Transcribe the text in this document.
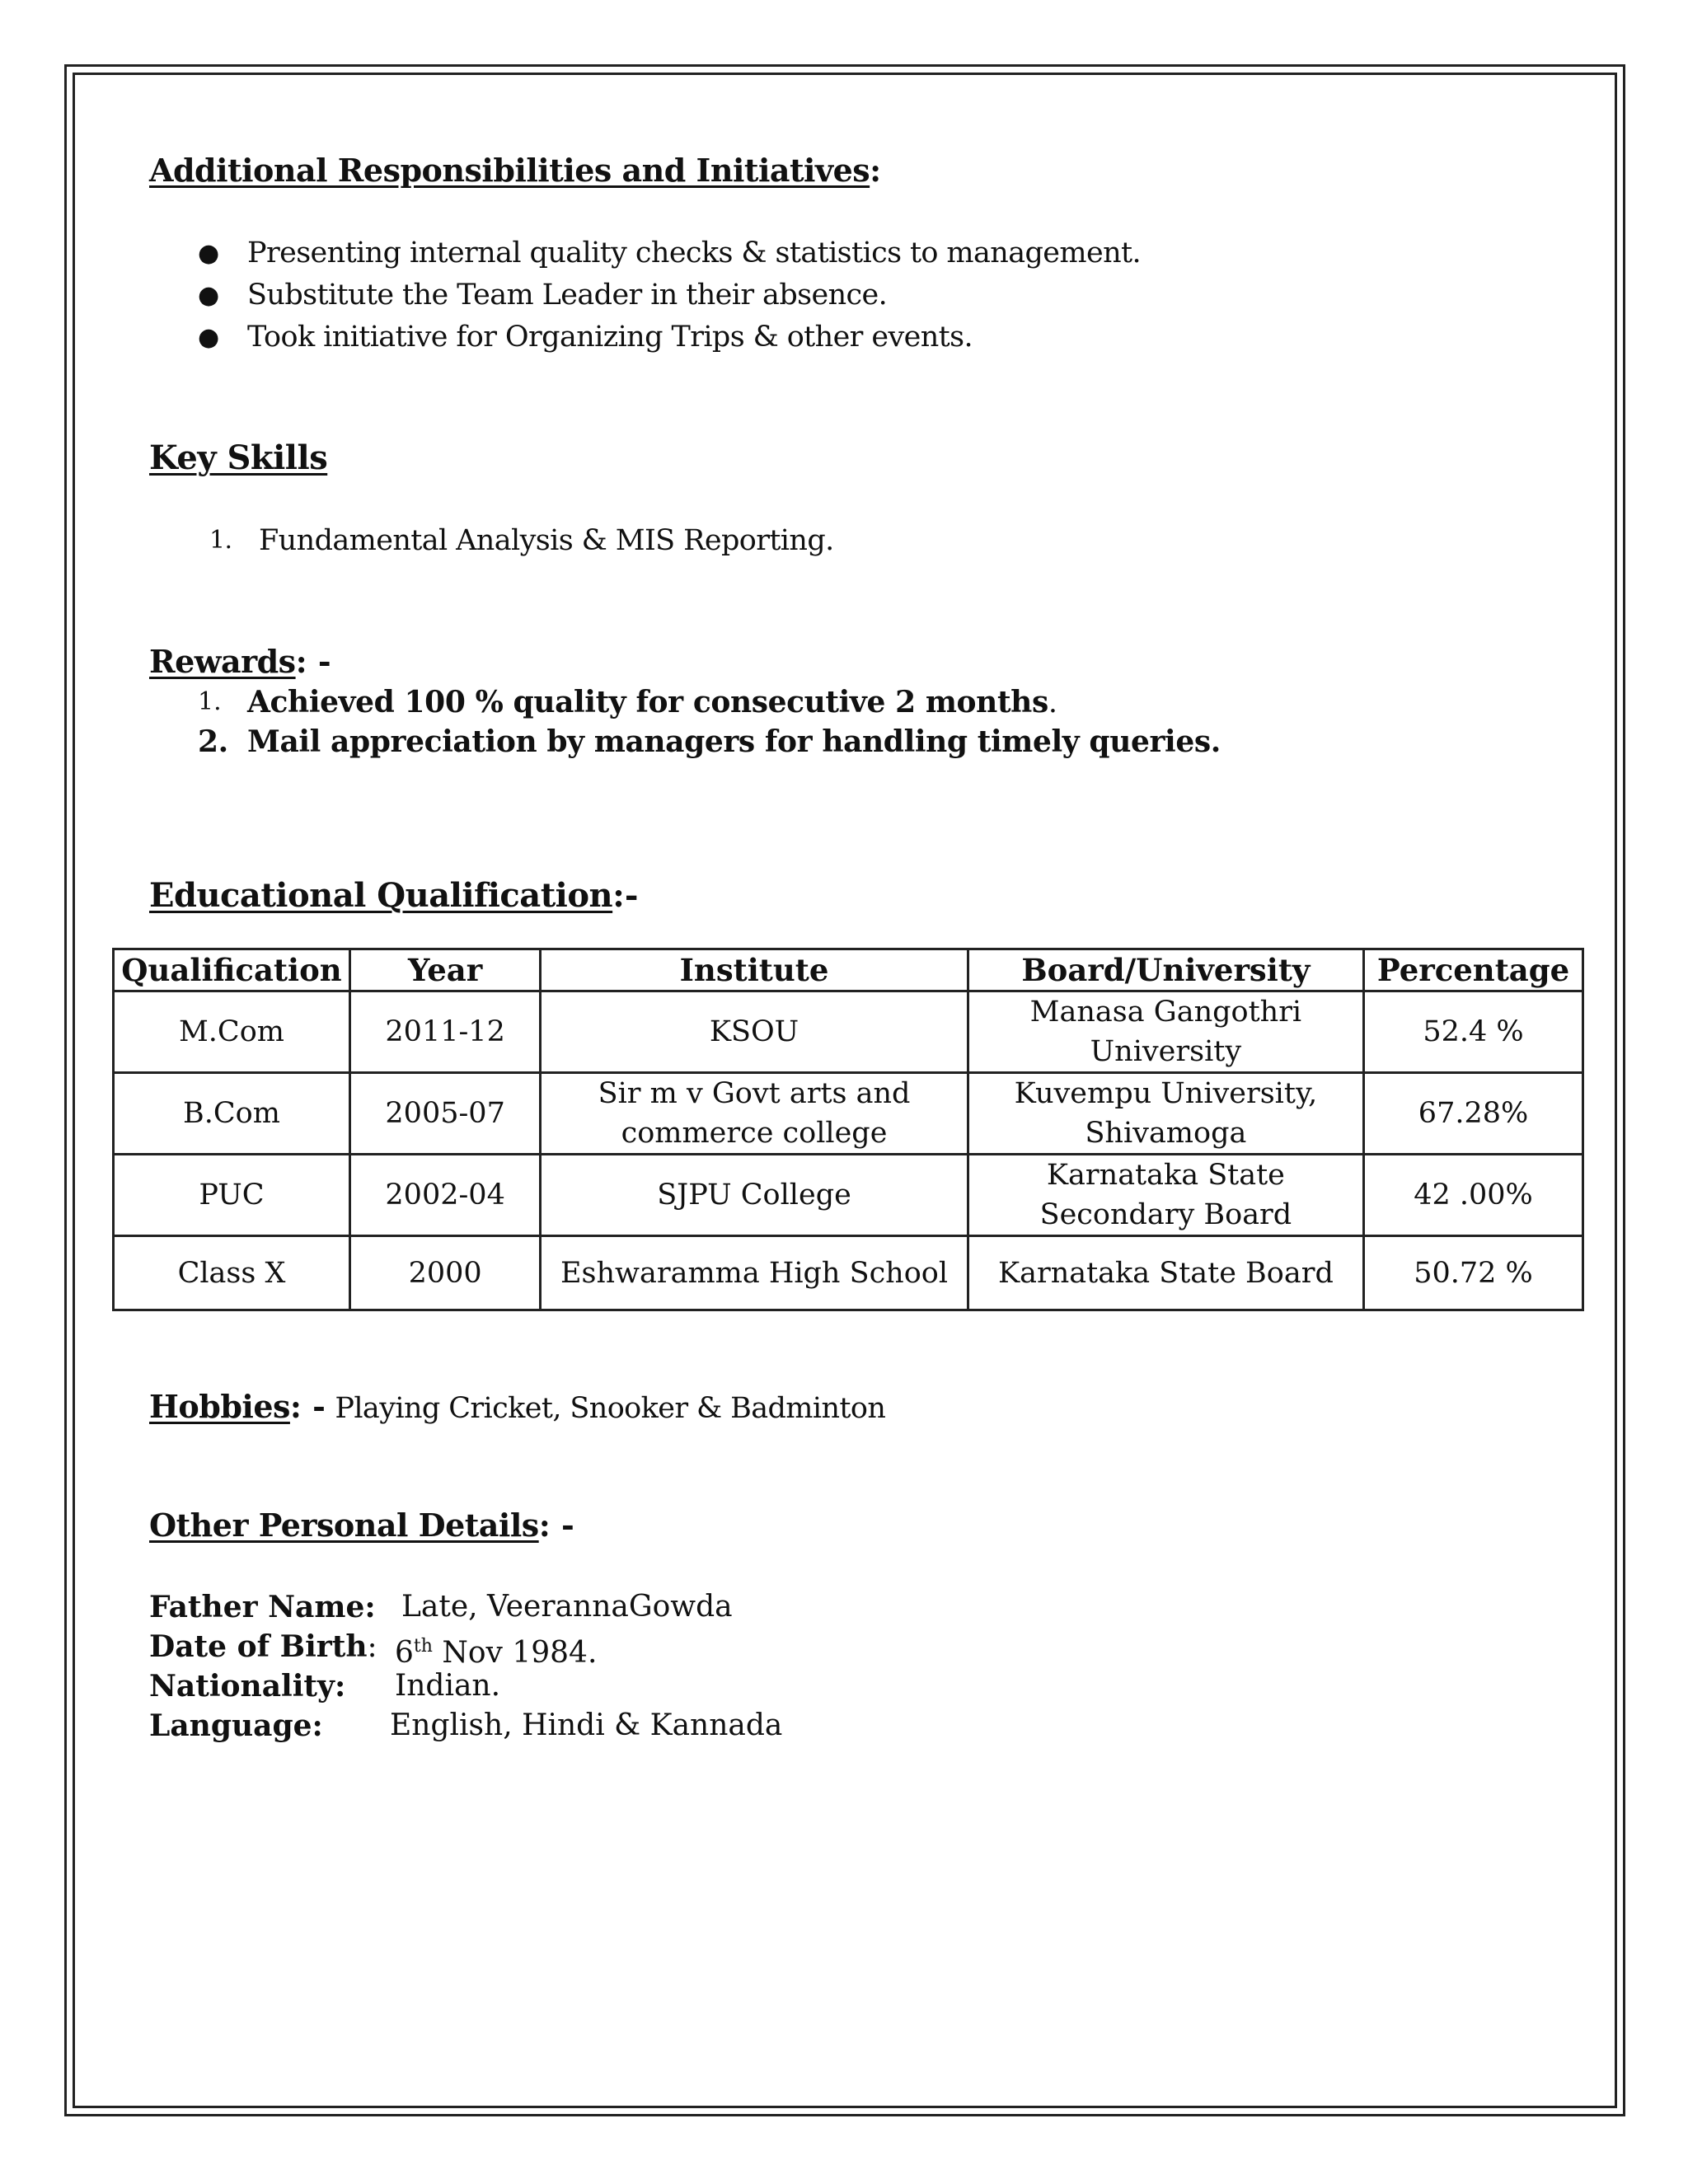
Additional Responsibilities and Initiatives:
● Presenting internal quality checks & statistics to management.
● Substitute the Team Leader in their absence.
● Took initiative for Organizing Trips & other events.
Key Skills
1. Fundamental Analysis & MIS Reporting.
Rewards: -
1. Achieved 100 % quality for consecutive 2 months.
2. Mail appreciation by managers for handling timely queries.
Educational Qualification:-
Qualification	Year	Institute	Board/University	Percentage
M.Com	2011-12	KSOU	Manasa Gangothri University	52.4 %
B.Com	2005-07	Sir m v Govt arts and commerce college	Kuvempu University, Shivamoga	67.28%
PUC	2002-04	SJPU College	Karnataka State Secondary Board	42 .00%
Class X	2000	Eshwaramma High School	Karnataka State Board	50.72 %
Hobbies: - Playing Cricket, Snooker & Badminton
Other Personal Details: -
Father Name: Late, VeerannaGowda
Date of Birth: 6th Nov 1984.
Nationality: Indian.
Language: English, Hindi & Kannada
